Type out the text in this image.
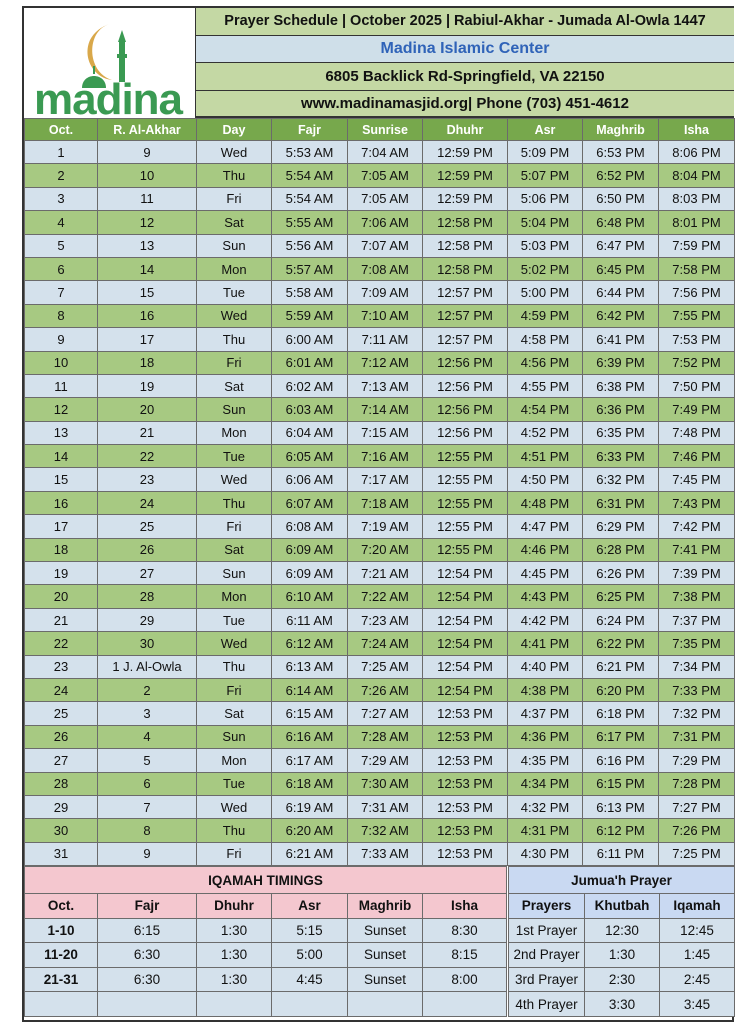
madina
Prayer Schedule | October 2025 | Rabiul-Akhar - Jumada Al-Owla 1447
Madina Islamic Center
6805 Backlick Rd-Springfield, VA 22150
www.madinamasjid.org| Phone (703) 451-4612
Oct.	R. Al-Akhar	Day	Fajr	Sunrise	Dhuhr	Asr	Maghrib	Isha
1	9	Wed	5:53 AM	7:04 AM	12:59 PM	5:09 PM	6:53 PM	8:06 PM
2	10	Thu	5:54 AM	7:05 AM	12:59 PM	5:07 PM	6:52 PM	8:04 PM
3	11	Fri	5:54 AM	7:05 AM	12:59 PM	5:06 PM	6:50 PM	8:03 PM
4	12	Sat	5:55 AM	7:06 AM	12:58 PM	5:04 PM	6:48 PM	8:01 PM
5	13	Sun	5:56 AM	7:07 AM	12:58 PM	5:03 PM	6:47 PM	7:59 PM
6	14	Mon	5:57 AM	7:08 AM	12:58 PM	5:02 PM	6:45 PM	7:58 PM
7	15	Tue	5:58 AM	7:09 AM	12:57 PM	5:00 PM	6:44 PM	7:56 PM
8	16	Wed	5:59 AM	7:10 AM	12:57 PM	4:59 PM	6:42 PM	7:55 PM
9	17	Thu	6:00 AM	7:11 AM	12:57 PM	4:58 PM	6:41 PM	7:53 PM
10	18	Fri	6:01 AM	7:12 AM	12:56 PM	4:56 PM	6:39 PM	7:52 PM
11	19	Sat	6:02 AM	7:13 AM	12:56 PM	4:55 PM	6:38 PM	7:50 PM
12	20	Sun	6:03 AM	7:14 AM	12:56 PM	4:54 PM	6:36 PM	7:49 PM
13	21	Mon	6:04 AM	7:15 AM	12:56 PM	4:52 PM	6:35 PM	7:48 PM
14	22	Tue	6:05 AM	7:16 AM	12:55 PM	4:51 PM	6:33 PM	7:46 PM
15	23	Wed	6:06 AM	7:17 AM	12:55 PM	4:50 PM	6:32 PM	7:45 PM
16	24	Thu	6:07 AM	7:18 AM	12:55 PM	4:48 PM	6:31 PM	7:43 PM
17	25	Fri	6:08 AM	7:19 AM	12:55 PM	4:47 PM	6:29 PM	7:42 PM
18	26	Sat	6:09 AM	7:20 AM	12:55 PM	4:46 PM	6:28 PM	7:41 PM
19	27	Sun	6:09 AM	7:21 AM	12:54 PM	4:45 PM	6:26 PM	7:39 PM
20	28	Mon	6:10 AM	7:22 AM	12:54 PM	4:43 PM	6:25 PM	7:38 PM
21	29	Tue	6:11 AM	7:23 AM	12:54 PM	4:42 PM	6:24 PM	7:37 PM
22	30	Wed	6:12 AM	7:24 AM	12:54 PM	4:41 PM	6:22 PM	7:35 PM
23	1 J. Al-Owla	Thu	6:13 AM	7:25 AM	12:54 PM	4:40 PM	6:21 PM	7:34 PM
24	2	Fri	6:14 AM	7:26 AM	12:54 PM	4:38 PM	6:20 PM	7:33 PM
25	3	Sat	6:15 AM	7:27 AM	12:53 PM	4:37 PM	6:18 PM	7:32 PM
26	4	Sun	6:16 AM	7:28 AM	12:53 PM	4:36 PM	6:17 PM	7:31 PM
27	5	Mon	6:17 AM	7:29 AM	12:53 PM	4:35 PM	6:16 PM	7:29 PM
28	6	Tue	6:18 AM	7:30 AM	12:53 PM	4:34 PM	6:15 PM	7:28 PM
29	7	Wed	6:19 AM	7:31 AM	12:53 PM	4:32 PM	6:13 PM	7:27 PM
30	8	Thu	6:20 AM	7:32 AM	12:53 PM	4:31 PM	6:12 PM	7:26 PM
31	9	Fri	6:21 AM	7:33 AM	12:53 PM	4:30 PM	6:11 PM	7:25 PM
IQAMAH TIMINGS					
Oct.	Fajr	Dhuhr	Asr	Maghrib	Isha
1-10	6:15	1:30	5:15	Sunset	8:30
11-20	6:30	1:30	5:00	Sunset	8:15
21-31	6:30	1:30	4:45	Sunset	8:00

Jumua'h Prayer		
Prayers	Khutbah	Iqamah
1st Prayer	12:30	12:45
2nd Prayer	1:30	1:45
3rd Prayer	2:30	2:45
4th Prayer	3:30	3:45
